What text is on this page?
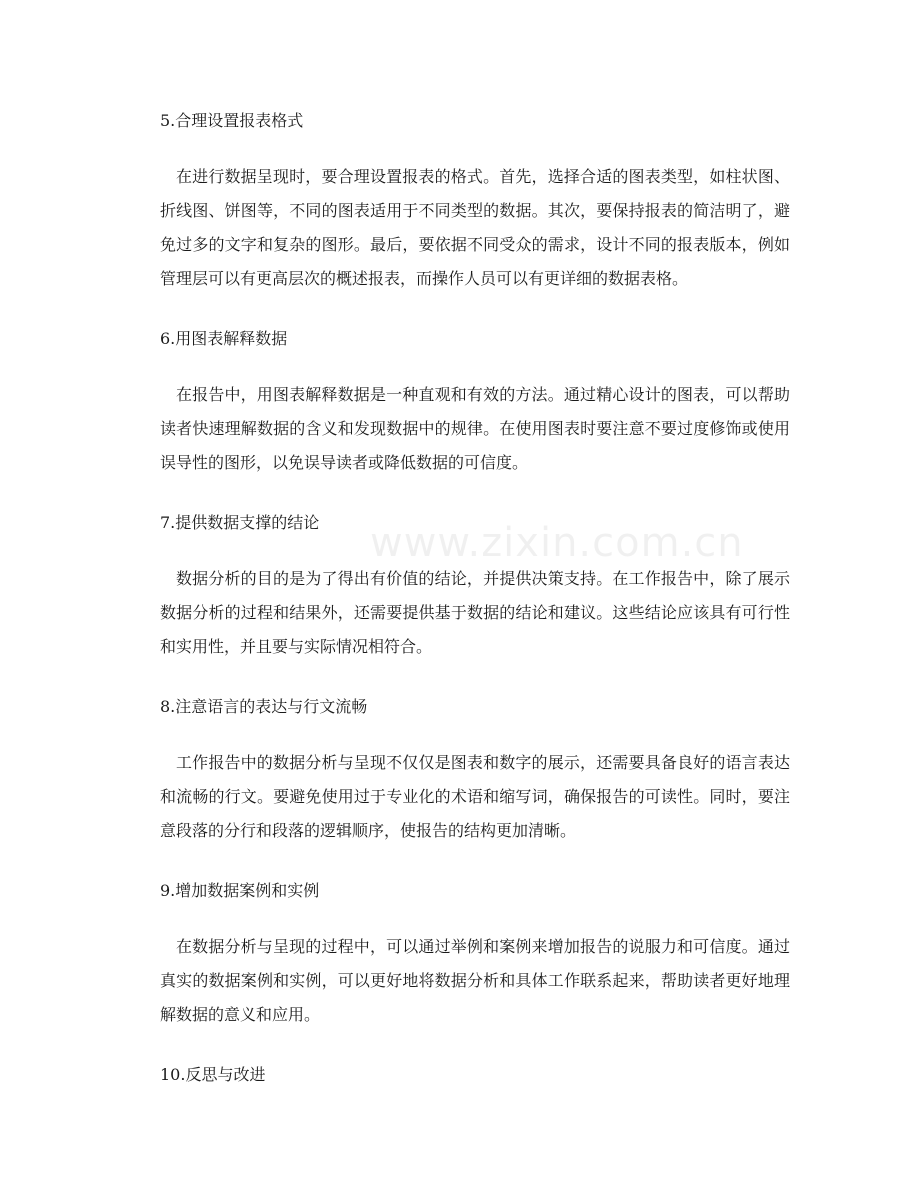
www.zixin.com.cn
5.合理设置报表格式

在进行数据呈现时，要合理设置报表的格式。首先，选择合适的图表类型，如柱状图、折线图、饼图等，不同的图表适用于不同类型的数据。其次，要保持报表的简洁明了，避免过多的文字和复杂的图形。最后，要依据不同受众的需求，设计不同的报表版本，例如管理层可以有更高层次的概述报表，而操作人员可以有更详细的数据表格。

6.用图表解释数据

在报告中，用图表解释数据是一种直观和有效的方法。通过精心设计的图表，可以帮助读者快速理解数据的含义和发现数据中的规律。在使用图表时要注意不要过度修饰或使用误导性的图形，以免误导读者或降低数据的可信度。

7.提供数据支撑的结论

数据分析的目的是为了得出有价值的结论，并提供决策支持。在工作报告中，除了展示数据分析的过程和结果外，还需要提供基于数据的结论和建议。这些结论应该具有可行性和实用性，并且要与实际情况相符合。

8.注意语言的表达与行文流畅

工作报告中的数据分析与呈现不仅仅是图表和数字的展示，还需要具备良好的语言表达和流畅的行文。要避免使用过于专业化的术语和缩写词，确保报告的可读性。同时，要注意段落的分行和段落的逻辑顺序，使报告的结构更加清晰。

9.增加数据案例和实例

在数据分析与呈现的过程中，可以通过举例和案例来增加报告的说服力和可信度。通过真实的数据案例和实例，可以更好地将数据分析和具体工作联系起来，帮助读者更好地理解数据的意义和应用。

10.反思与改进
